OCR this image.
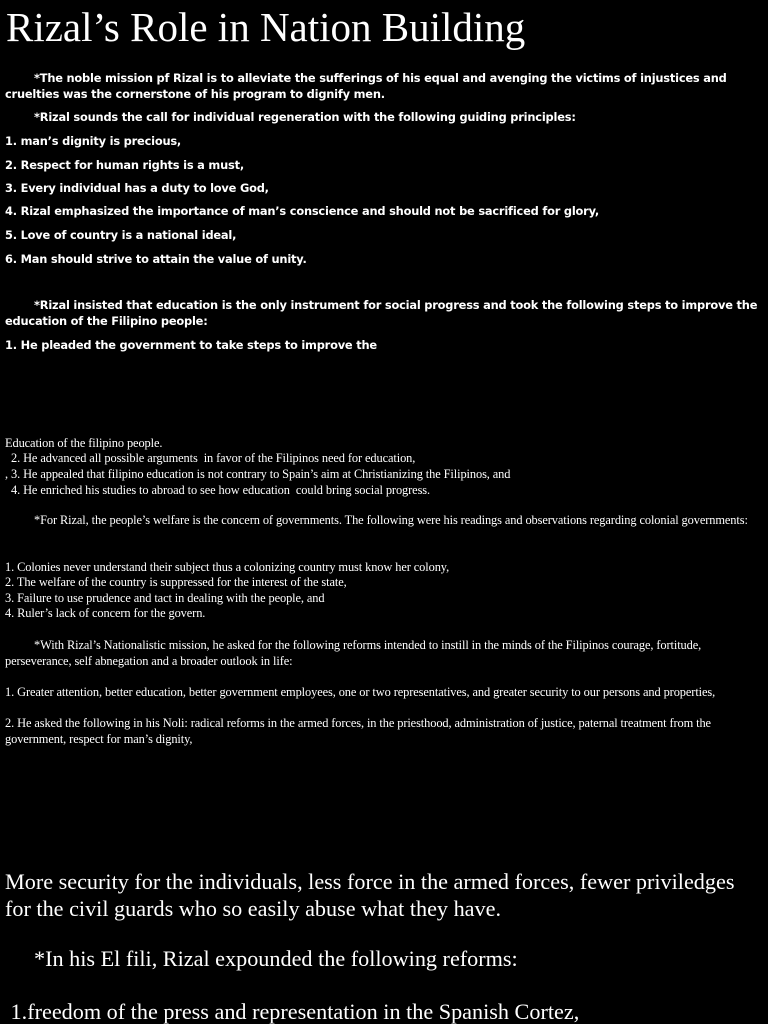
Rizal’s Role in Nation Building

*The noble mission pf Rizal is to alleviate the sufferings of his equal and avenging the victims of injustices and cruelties was the cornerstone of his program to dignify men.

*Rizal sounds the call for individual regeneration with the following guiding principles:

1. man’s dignity is precious,

2. Respect for human rights is a must,

3. Every individual has a duty to love God,

4. Rizal emphasized the importance of man’s conscience and should not be sacrificed for glory,

5. Love of country is a national ideal,

6. Man should strive to attain the value of unity.

*Rizal insisted that education is the only instrument for social progress and took the following steps to improve the education of the Filipino people:

1. He pleaded the government to take steps to improve the

Education of the filipino people.

2. He advanced all possible arguments  in favor of the Filipinos need for education,

, 3. He appealed that filipino education is not contrary to Spain’s aim at Christianizing the Filipinos, and

4. He enriched his studies to abroad to see how education  could bring social progress.

*For Rizal, the people’s welfare is the concern of governments. The following were his readings and observations regarding colonial governments:

1. Colonies never understand their subject thus a colonizing country must know her colony,

2. The welfare of the country is suppressed for the interest of the state,

3. Failure to use prudence and tact in dealing with the people, and

4. Ruler’s lack of concern for the govern.

*With Rizal’s Nationalistic mission, he asked for the following reforms intended to instill in the minds of the Filipinos courage, fortitude, perseverance, self abnegation and a broader outlook in life:

1. Greater attention, better education, better government employees, one or two representatives, and greater security to our persons and properties,

2. He asked the following in his Noli: radical reforms in the armed forces, in the priesthood, administration of justice, paternal treatment from the government, respect for man’s dignity,

More security for the individuals, less force in the armed forces, fewer priviledges for the civil guards who so easily abuse what they have.

*In his El fili, Rizal expounded the following reforms:

1.freedom of the press and representation in the Spanish Cortez,
